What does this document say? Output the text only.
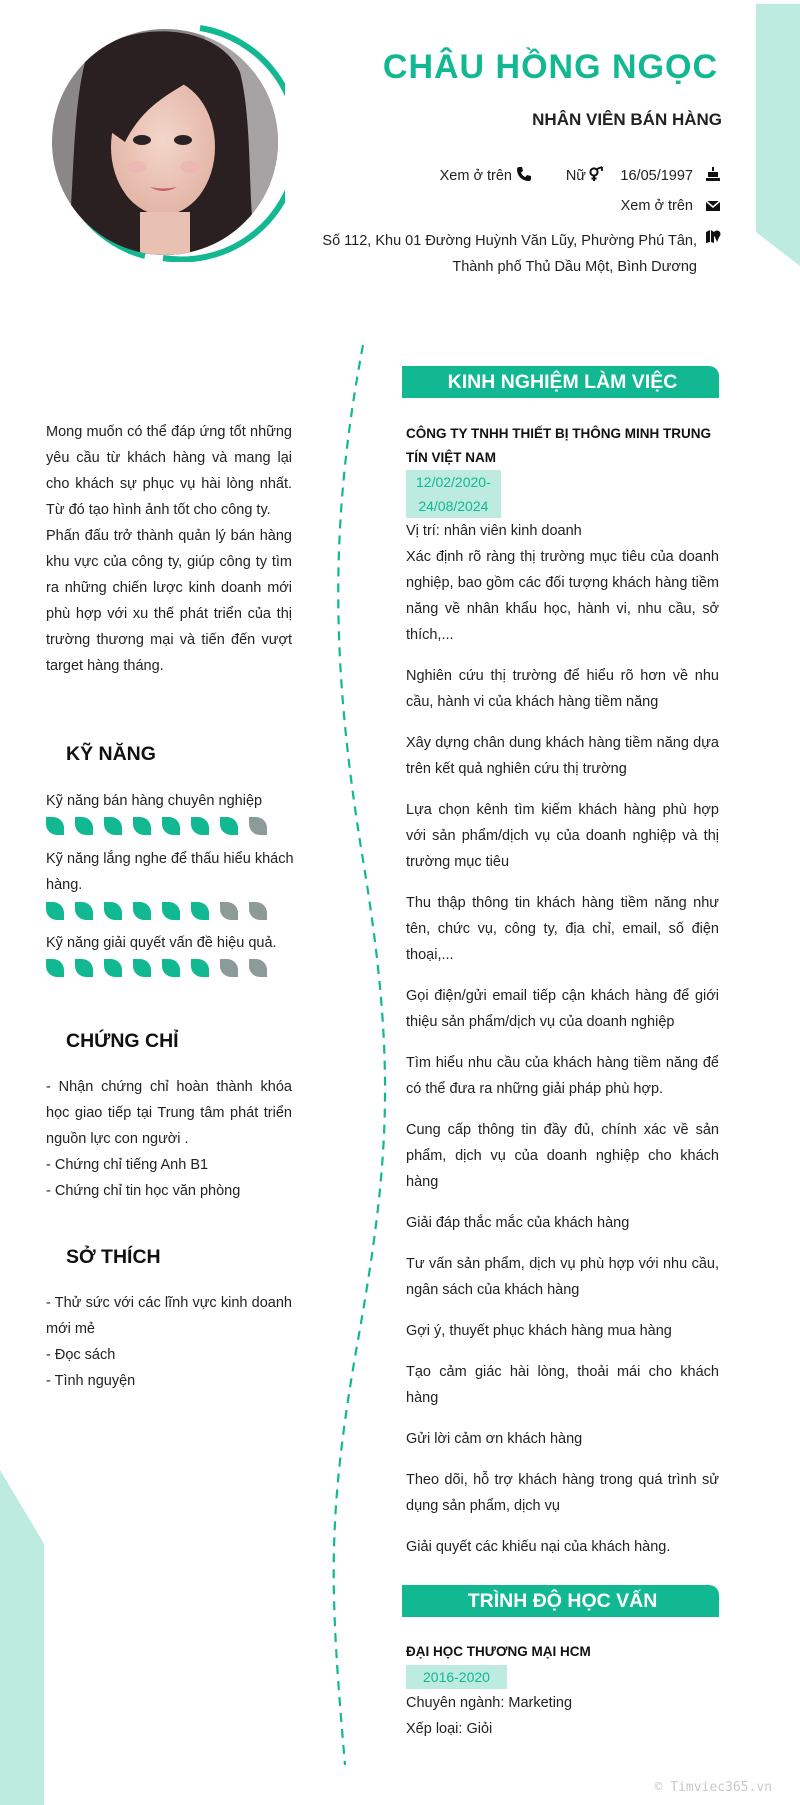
CHÂU HỒNG NGỌC
NHÂN VIÊN BÁN HÀNG
Xem ở trên	Nữ 16/05/1997
Xem ở trên
Số 112, Khu 01 Đường Huỳnh Văn Lũy, Phường Phú Tân,
Thành phố Thủ Dầu Một, Bình Dương
Mong muốn có thể đáp ứng tốt những yêu cầu từ khách hàng và mang lại cho khách sự phục vụ hài lòng nhất. Từ đó tạo hình ảnh tốt cho công ty.
Phấn đấu trở thành quản lý bán hàng khu vực của công ty, giúp công ty tìm ra những chiến lược kinh doanh mới phù hợp với xu thế phát triển của thị trường thương mại và tiến đến vượt target hàng tháng.
KỸ NĂNG
Kỹ năng bán hàng chuyên nghiệp
Kỹ năng lắng nghe để thấu hiểu khách hàng.
Kỹ năng giải quyết vấn đề hiệu quả.
CHỨNG CHỈ
- Nhận chứng chỉ hoàn thành khóa học giao tiếp tại Trung tâm phát triển nguồn lực con người .
- Chứng chỉ tiếng Anh B1
- Chứng chỉ tin học văn phòng
SỞ THÍCH
- Thử sức với các lĩnh vực kinh doanh mới mẻ
- Đọc sách
- Tình nguyện
KINH NGHIỆM LÀM VIỆC
CÔNG TY TNHH THIẾT BỊ THÔNG MINH TRUNG TÍN VIỆT NAM
12/02/2020-
24/08/2024
Vị trí: nhân viên kinh doanh
Xác định rõ ràng thị trường mục tiêu của doanh nghiệp, bao gồm các đối tượng khách hàng tiềm năng về nhân khẩu học, hành vi, nhu cầu, sở thích,...
Nghiên cứu thị trường để hiểu rõ hơn về nhu cầu, hành vi của khách hàng tiềm năng
Xây dựng chân dung khách hàng tiềm năng dựa trên kết quả nghiên cứu thị trường
Lựa chọn kênh tìm kiếm khách hàng phù hợp với sản phẩm/dịch vụ của doanh nghiệp và thị trường mục tiêu
Thu thập thông tin khách hàng tiềm năng như tên, chức vụ, công ty, địa chỉ, email, số điện thoại,...
Gọi điện/gửi email tiếp cận khách hàng để giới thiệu sản phẩm/dịch vụ của doanh nghiệp
Tìm hiểu nhu cầu của khách hàng tiềm năng để có thể đưa ra những giải pháp phù hợp.
Cung cấp thông tin đầy đủ, chính xác về sản phẩm, dịch vụ của doanh nghiệp cho khách hàng
Giải đáp thắc mắc của khách hàng
Tư vấn sản phẩm, dịch vụ phù hợp với nhu cầu, ngân sách của khách hàng
Gợi ý, thuyết phục khách hàng mua hàng
Tạo cảm giác hài lòng, thoải mái cho khách hàng
Gửi lời cảm ơn khách hàng
Theo dõi, hỗ trợ khách hàng trong quá trình sử dụng sản phẩm, dịch vụ
Giải quyết các khiếu nại của khách hàng.
TRÌNH ĐỘ HỌC VẤN
ĐẠI HỌC THƯƠNG MẠI HCM
2016-2020
Chuyên ngành: Marketing
Xếp loại: Giỏi
© Timviec365.vn
